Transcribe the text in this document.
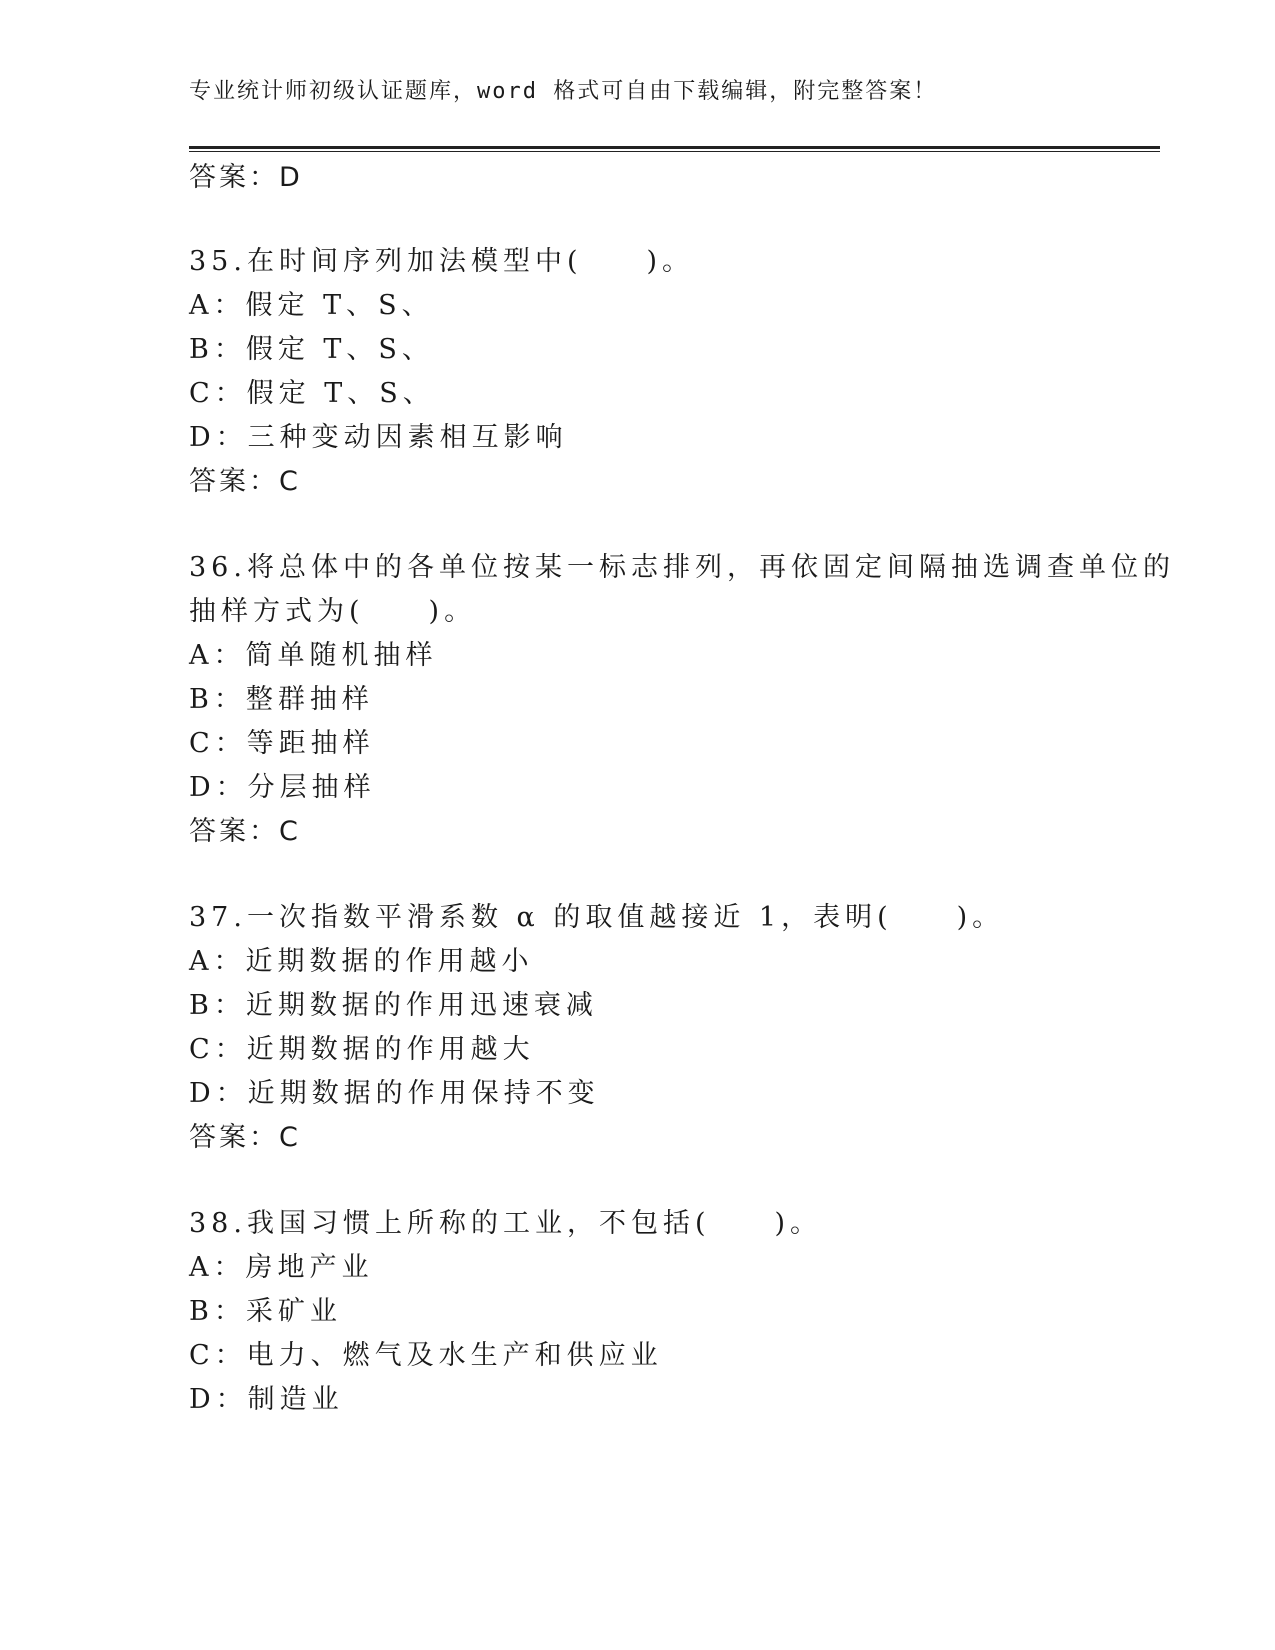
专业统计师初级认证题库，word 格式可自由下载编辑，附完整答案！
答案：D
35.在时间序列加法模型中(　　)。
A：假定 T、S、
B：假定 T、S、
C：假定 T、S、
D：三种变动因素相互影响
答案：C
36.将总体中的各单位按某一标志排列，再依固定间隔抽选调查单位的
抽样方式为(　　)。
A：简单随机抽样
B：整群抽样
C：等距抽样
D：分层抽样
答案：C
37.一次指数平滑系数 α 的取值越接近 1，表明(　　)。
A：近期数据的作用越小
B：近期数据的作用迅速衰减
C：近期数据的作用越大
D：近期数据的作用保持不变
答案：C
38.我国习惯上所称的工业，不包括(　　)。
A：房地产业
B：采矿业
C：电力、燃气及水生产和供应业
D：制造业
